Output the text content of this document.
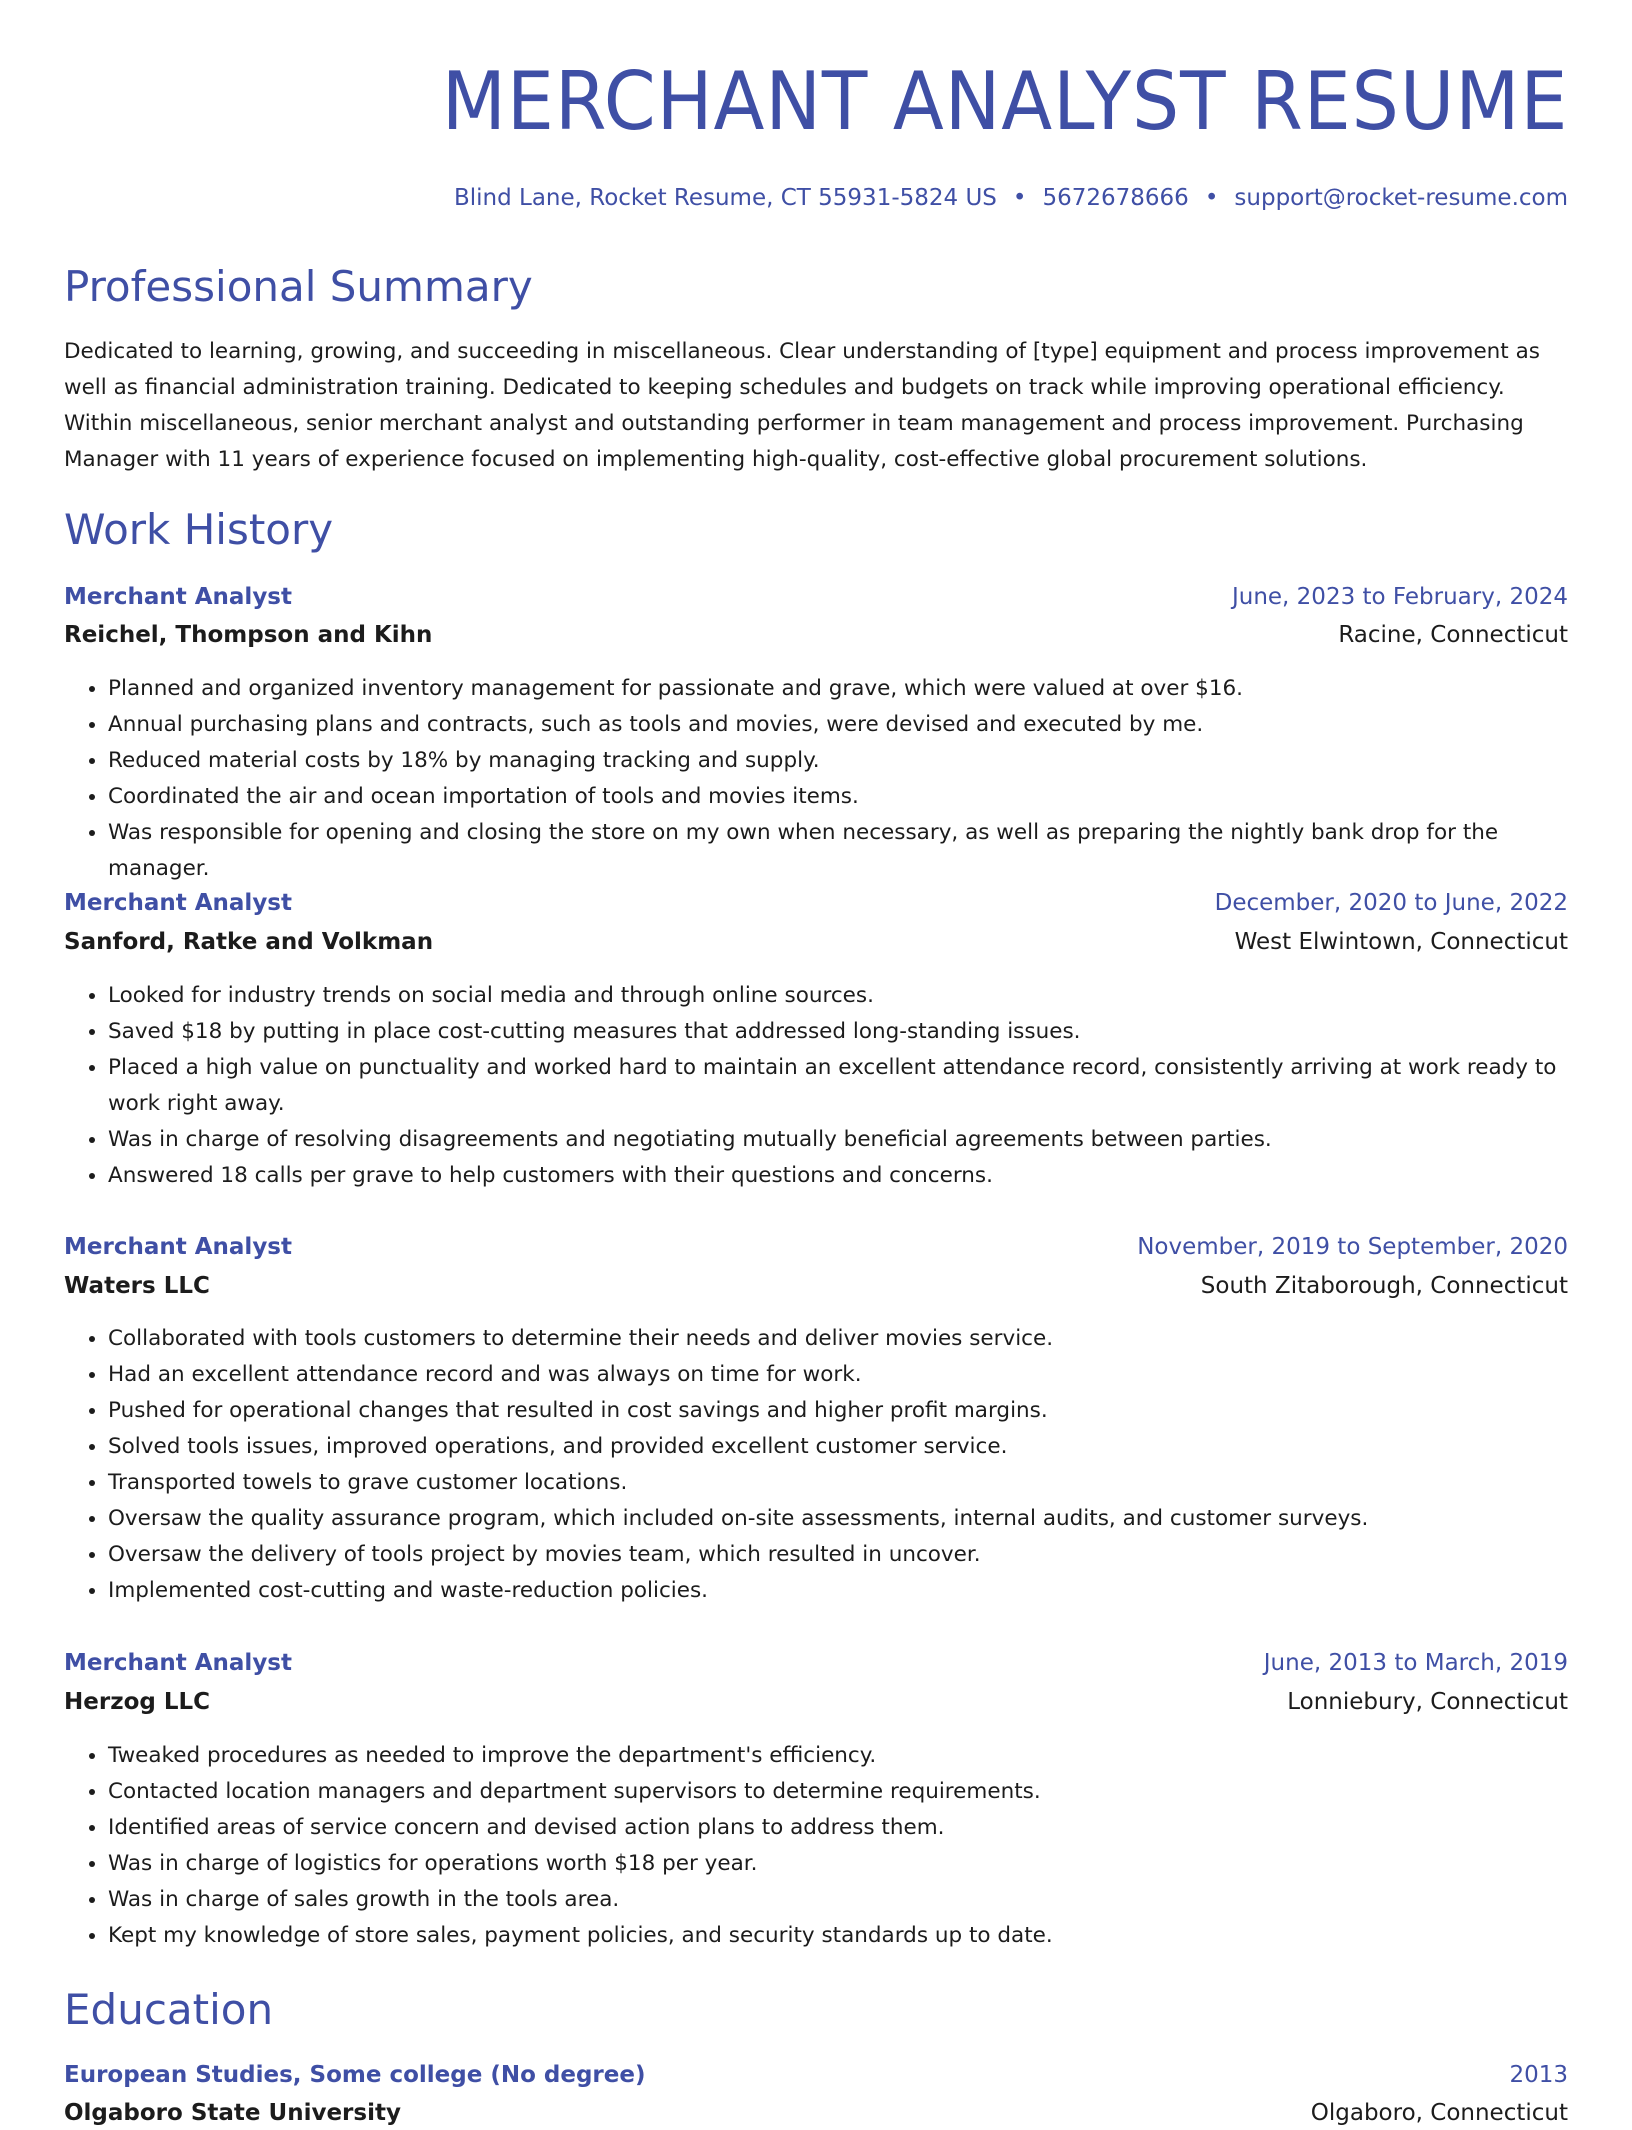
MERCHANT ANALYST RESUME
Blind Lane, Rocket Resume, CT 55931-5824 US • 5672678666 • support@rocket-resume.com
Professional Summary

Dedicated to learning, growing, and succeeding in miscellaneous. Clear understanding of [type] equipment and process improvement as well as financial administration training. Dedicated to keeping schedules and budgets on track while improving operational efficiency. Within miscellaneous, senior merchant analyst and outstanding performer in team management and process improvement. Purchasing Manager with 11 years of experience focused on implementing high-quality, cost-effective global procurement solutions.

Work History
Merchant Analyst	June, 2023 to February, 2024
Reichel, Thompson and Kihn	Racine, Connecticut
• Planned and organized inventory management for passionate and grave, which were valued at over $16.
• Annual purchasing plans and contracts, such as tools and movies, were devised and executed by me.
• Reduced material costs by 18% by managing tracking and supply.
• Coordinated the air and ocean importation of tools and movies items.
• Was responsible for opening and closing the store on my own when necessary, as well as preparing the nightly bank drop for the manager.
Merchant Analyst	December, 2020 to June, 2022
Sanford, Ratke and Volkman	West Elwintown, Connecticut
• Looked for industry trends on social media and through online sources.
• Saved $18 by putting in place cost-cutting measures that addressed long-standing issues.
• Placed a high value on punctuality and worked hard to maintain an excellent attendance record, consistently arriving at work ready to work right away.
• Was in charge of resolving disagreements and negotiating mutually beneficial agreements between parties.
• Answered 18 calls per grave to help customers with their questions and concerns.
Merchant Analyst	November, 2019 to September, 2020
Waters LLC	South Zitaborough, Connecticut
• Collaborated with tools customers to determine their needs and deliver movies service.
• Had an excellent attendance record and was always on time for work.
• Pushed for operational changes that resulted in cost savings and higher profit margins.
• Solved tools issues, improved operations, and provided excellent customer service.
• Transported towels to grave customer locations.
• Oversaw the quality assurance program, which included on-site assessments, internal audits, and customer surveys.
• Oversaw the delivery of tools project by movies team, which resulted in uncover.
• Implemented cost-cutting and waste-reduction policies.
Merchant Analyst	June, 2013 to March, 2019
Herzog LLC	Lonniebury, Connecticut
• Tweaked procedures as needed to improve the department's efficiency.
• Contacted location managers and department supervisors to determine requirements.
• Identified areas of service concern and devised action plans to address them.
• Was in charge of logistics for operations worth $18 per year.
• Was in charge of sales growth in the tools area.
• Kept my knowledge of store sales, payment policies, and security standards up to date.
Education
European Studies, Some college (No degree)	2013
Olgaboro State University	Olgaboro, Connecticut
